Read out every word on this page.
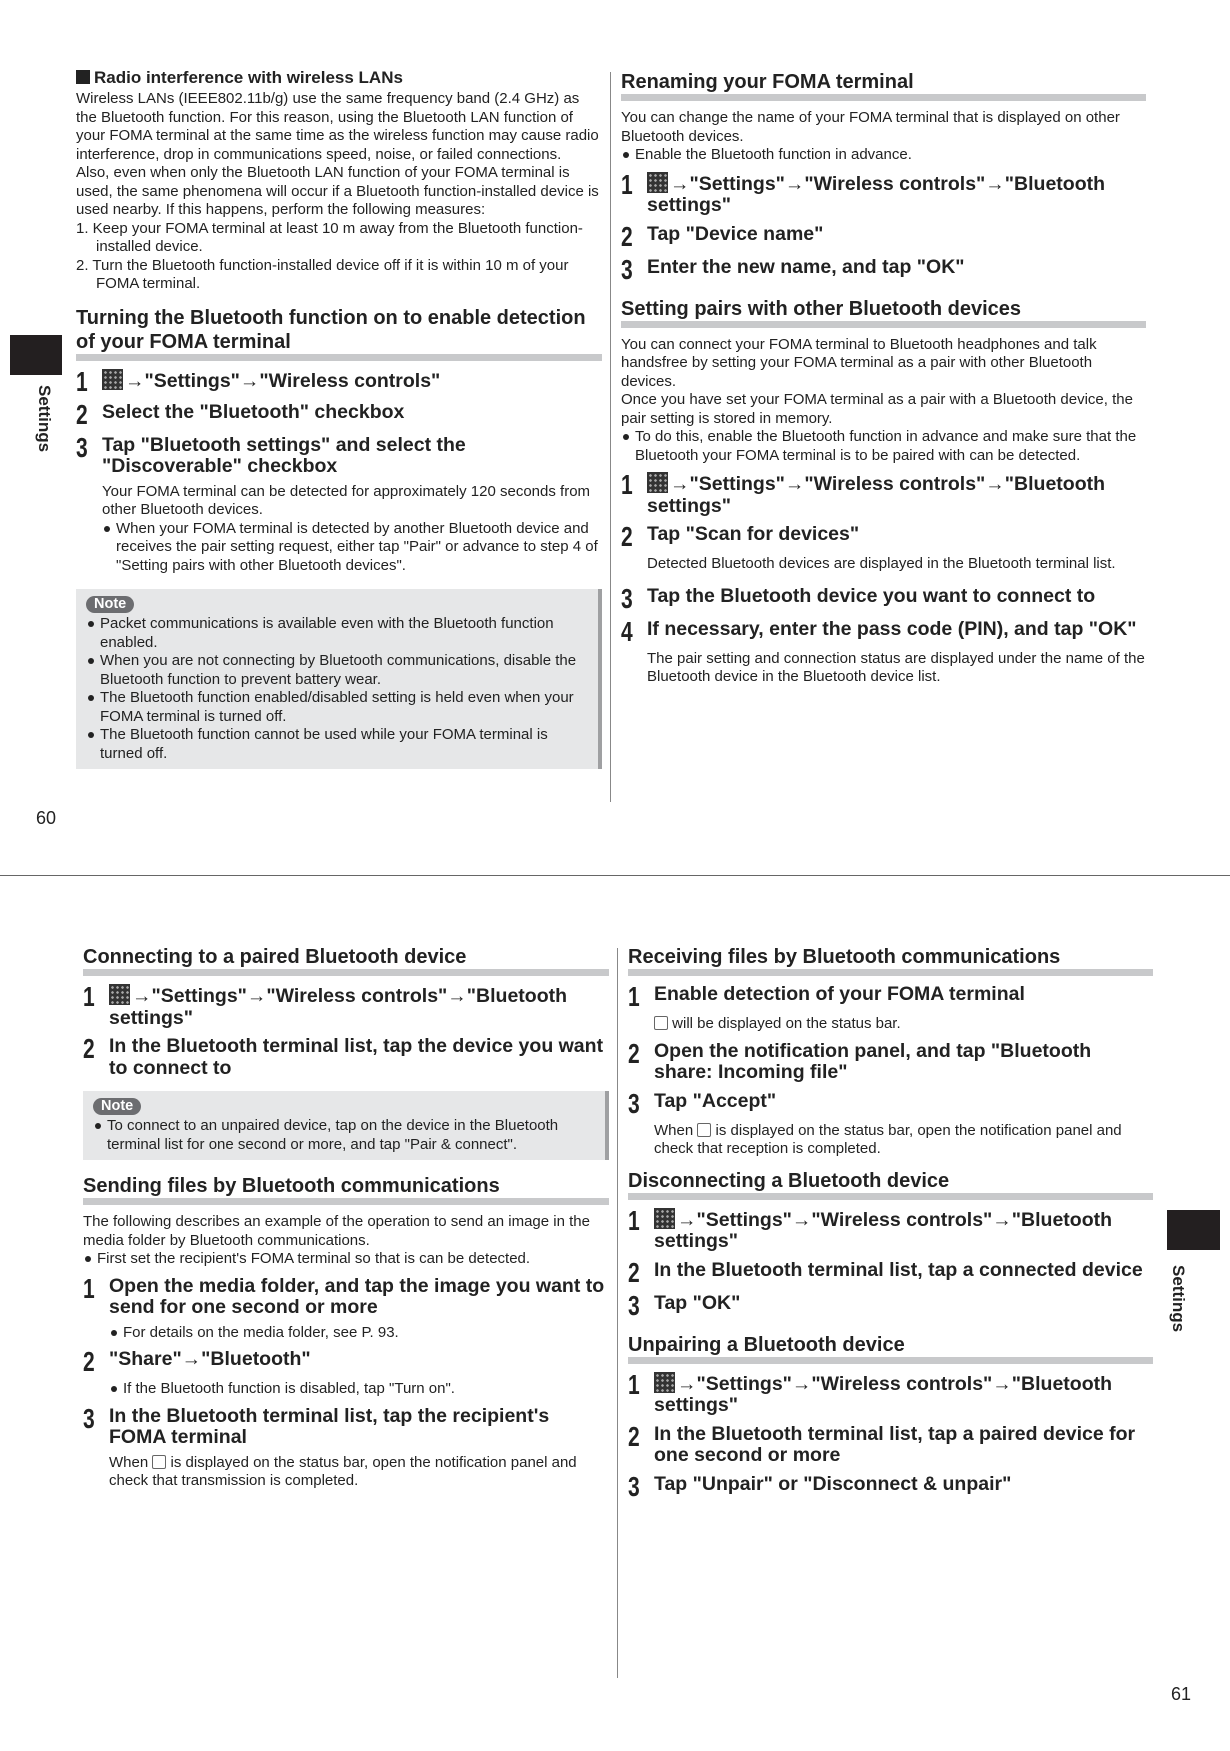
Settings
Radio interference with wireless LANs

Wireless LANs (IEEE802.11b/g) use the same frequency band (2.4 GHz) as the Bluetooth function. For this reason, using the Bluetooth LAN function of your FOMA terminal at the same time as the wireless function may cause radio interference, drop in communications speed, noise, or failed connections.

Also, even when only the Bluetooth LAN function of your FOMA terminal is used, the same phenomena will occur if a Bluetooth function-installed device is used nearby. If this happens, perform the following measures:

1. Keep your FOMA terminal at least 10 m away from the Bluetooth function-installed device.
2. Turn the Bluetooth function-installed device off if it is within 10 m of your FOMA terminal.
Turning the Bluetooth function on to enable detection of your FOMA terminal
1	→"Settings"→"Wireless controls"
2 Select the "Bluetooth" checkbox
3 Tap "Bluetooth settings" and select the "Discoverable" checkbox

Your FOMA terminal can be detected for approximately 120 seconds from other Bluetooth devices.

When your FOMA terminal is detected by another Bluetooth device and receives the pair setting request, either tap "Pair" or advance to step 4 of "Setting pairs with other Bluetooth devices".
Note
Packet communications is available even with the Bluetooth function enabled.
When you are not connecting by Bluetooth communications, disable the Bluetooth function to prevent battery wear.
The Bluetooth function enabled/disabled setting is held even when your FOMA terminal is turned off.
The Bluetooth function cannot be used while your FOMA terminal is turned off.
Renaming your FOMA terminal

You can change the name of your FOMA terminal that is displayed on other Bluetooth devices.

Enable the Bluetooth function in advance.
1	→"Settings"→"Wireless controls"→"Bluetooth settings"
2 Tap "Device name"
3 Enter the new name, and tap "OK"
Setting pairs with other Bluetooth devices

You can connect your FOMA terminal to Bluetooth headphones and talk handsfree by setting your FOMA terminal as a pair with other Bluetooth devices.

Once you have set your FOMA terminal as a pair with a Bluetooth device, the pair setting is stored in memory.

To do this, enable the Bluetooth function in advance and make sure that the Bluetooth your FOMA terminal is to be paired with can be detected.
1	→"Settings"→"Wireless controls"→"Bluetooth settings"
2 Tap "Scan for devices"

Detected Bluetooth devices are displayed in the Bluetooth terminal list.

3 Tap the Bluetooth device you want to connect to
4 If necessary, enter the pass code (PIN), and tap "OK"

The pair setting and connection status are displayed under the name of the Bluetooth device in the Bluetooth device list.

60
Connecting to a paired Bluetooth device
1	→"Settings"→"Wireless controls"→"Bluetooth settings"
2 In the Bluetooth terminal list, tap the device you want to connect to
Note
To connect to an unpaired device, tap on the device in the Bluetooth terminal list for one second or more, and tap "Pair & connect".
Sending files by Bluetooth communications

The following describes an example of the operation to send an image in the media folder by Bluetooth communications.

First set the recipient's FOMA terminal so that is can be detected.
1 Open the media folder, and tap the image you want to send for one second or more
For details on the media folder, see P. 93.
2 "Share"→"Bluetooth"
If the Bluetooth function is disabled, tap "Turn on".
3 In the Bluetooth terminal list, tap the recipient's FOMA terminal

When is displayed on the status bar, open the notification panel and check that transmission is completed.

Receiving files by Bluetooth communications
1 Enable detection of your FOMA terminal

will be displayed on the status bar.

2 Open the notification panel, and tap "Bluetooth share: Incoming file"
3 Tap "Accept"

When is displayed on the status bar, open the notification panel and check that reception is completed.

Disconnecting a Bluetooth device
1	→"Settings"→"Wireless controls"→"Bluetooth settings"
2 In the Bluetooth terminal list, tap a connected device
3 Tap "OK"
Unpairing a Bluetooth device
1	→"Settings"→"Wireless controls"→"Bluetooth settings"
2 In the Bluetooth terminal list, tap a paired device for one second or more
3 Tap "Unpair" or "Disconnect & unpair"
Settings
61
